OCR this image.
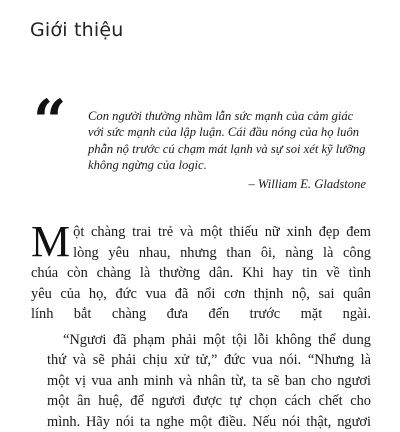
Giới thiệu
“ Con người thường nhầm lẫn sức mạnh của cảm giác
với sức mạnh của lập luận. Cái đầu nóng của họ luôn
phẫn nộ trước cú chạm mát lạnh và sự soi xét kỹ lưỡng
không ngừng của logic.

– William E. Gladstone

M ột chàng trai trẻ và một thiếu nữ xinh đẹp đem
lòng yêu nhau, nhưng than ôi, nàng là công
chúa còn chàng là thường dân. Khi hay tin về tình
yêu của họ, đức vua đã nổi cơn thịnh nộ, sai quân
lính bắt chàng đưa đến trước mặt ngài.

“Ngươi đã phạm phải một tội lỗi không thể dung
thứ và sẽ phải chịu xử tử,” đức vua nói. “Nhưng là
một vị vua anh minh và nhân từ, ta sẽ ban cho ngươi
một ân huệ, để ngươi được tự chọn cách chết cho
mình. Hãy nói ta nghe một điều. Nếu nói thật, ngươi
